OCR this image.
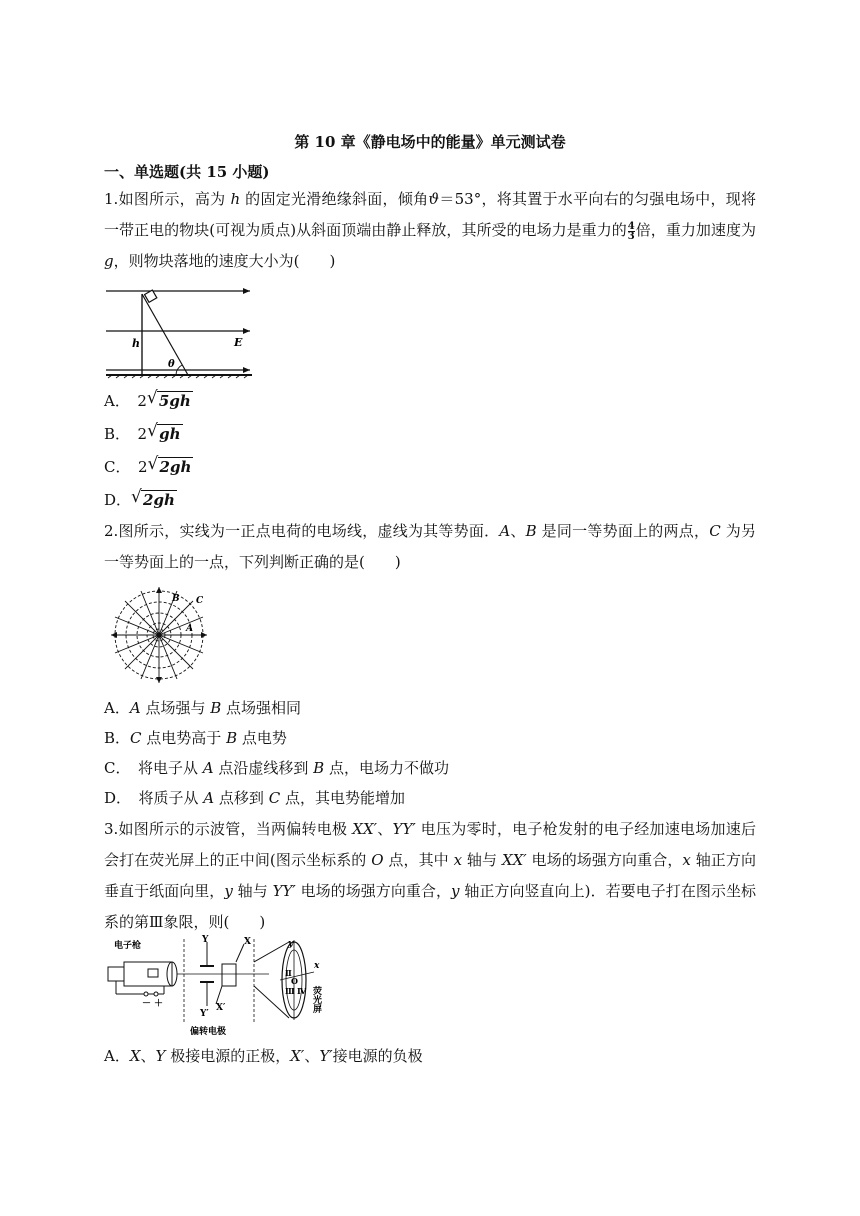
第 10 章《静电场中的能量》单元测试卷
一、单选题(共 15 小题)
1.如图所示，高为 h 的固定光滑绝缘斜面，倾角ϑ＝53°，将其置于水平向右的匀强电场中，现将一带正电的物块(可视为质点)从斜面顶端由静止释放，其所受的电场力是重力的 $\frac{4}{3}$ 倍，重力加速度为 g，则物块落地的速度大小为(　　)
h
θ
E
A．　 2 √ 5gh
B．　 2 √ gh
C．　 2 √ 2gh
D． √ 2gh
2.图所示，实线为一正点电荷的电场线，虚线为其等势面．A、B 是同一等势面上的两点，C 为另一等势面上的一点，下列判断正确的是(　　)
B C
A
A．A 点场强与 B 点场强相同
B．C 点电势高于 B 点电势
C．　将电子从 A 点沿虚线移到 B 点，电场力不做功
D．　将质子从 A 点移到 C 点，其电势能增加
3.如图所示的示波管，当两偏转电极 XX′、YY′ 电压为零时，电子枪发射的电子经加速电场加速后会打在荧光屏上的正中间(图示坐标系的 O 点，其中 x 轴与 XX′ 电场的场强方向重合，x 轴正方向垂直于纸面向里，y 轴与 YY′ 电场的场强方向重合，y 轴正方向竖直向上)．若要电子打在图示坐标系的第Ⅲ象限，则(　　)
电子枪
－ ＋
Y	X
Y′
X′
偏转电极
y
x
Ⅱ
O
Ⅲ Ⅳ 荧光屏
A．X、Y 极接电源的正极，X′、Y′接电源的负极
